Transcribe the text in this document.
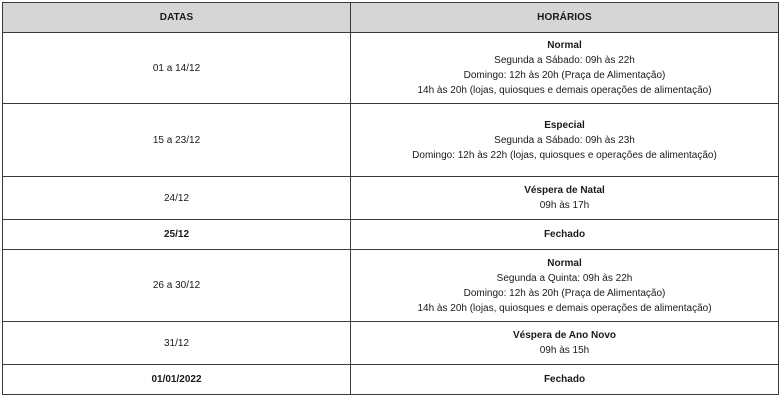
DATAS	HORÁRIOS
01 a 14/12	Normal
Segunda a Sábado: 09h às 22h
Domingo: 12h às 20h (Praça de Alimentação)
14h às 20h (lojas, quiosques e demais operações de alimentação)

15 a 23/12	Especial
Segunda a Sábado: 09h às 23h
Domingo: 12h às 22h (lojas, quiosques e operações de alimentação)

24/12	Véspera de Natal
09h às 17h

25/12	Fechado

26 a 30/12	Normal
Segunda a Quinta: 09h às 22h
Domingo: 12h às 20h (Praça de Alimentação)
14h às 20h (lojas, quiosques e demais operações de alimentação)

31/12	Véspera de Ano Novo
09h às 15h

01/01/2022	Fechado
